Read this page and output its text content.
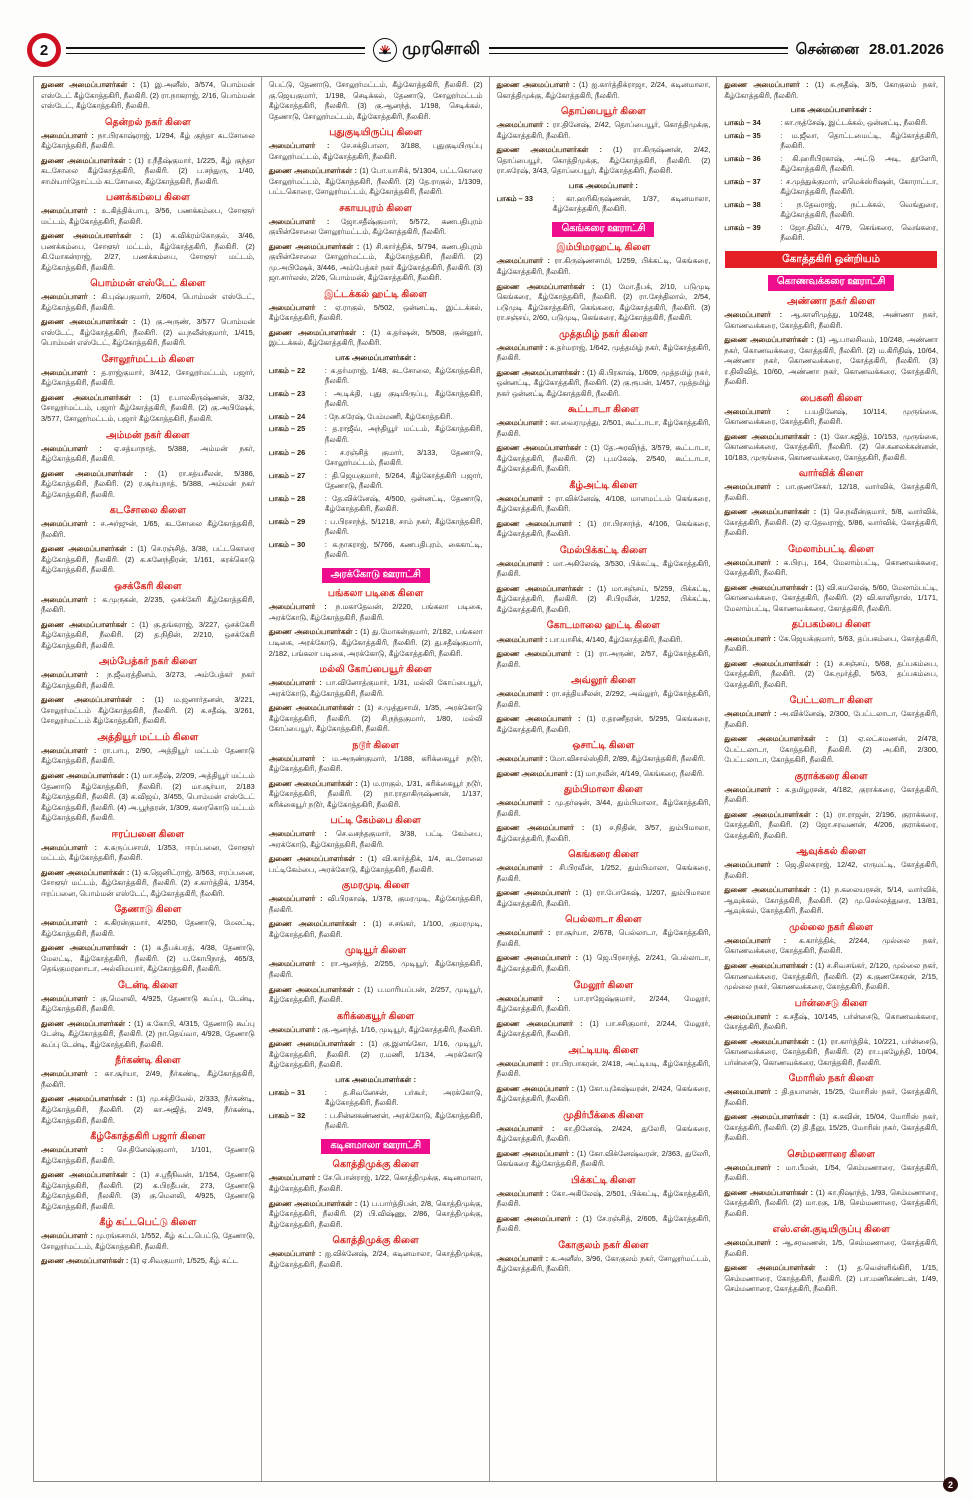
2	முரசொலி	சென்னை 28.01.2026

துணை அமைப்பாளர்கள் : (1) இ.அனீஸ், 3/574, பொம்மன் எஸ்டேட் கீழ்கோத்தகிரி, நீலகிரி. (2) ரா.நாகராஜ், 2/16, பொம்மன் எஸ்டேட், கீழ்கோத்தகிரி, நீலகிரி.

தென்றல் நகர் கிளை

அமைப்பாளர் : நா.பிரகாஷ்ராஜ், 1/294, கீழ் குந்தா கடசோலை கீழ்கோத்தகிரி, நீலகிரி.

துணை அமைப்பாளர்கள் : (1) ர.நீதீஷ்குமார், 1/225, கீழ் குந்தா கடசோலை கீழ்கோத்தகிரி, நீலகிரி. (2) ப.சந்துரு, 1/40, சாமியார்தோட்டம் கடசோலை, கீழ்கோத்தகிரி, நீலகிரி.

பணக்கம்பை கிளை

அமைப்பாளர் : உ.கித்திக்பாபு, 3/56, பணக்கம்பை, சோளூர் மட்டம், கீழ்கோத்தகிரி, நீலகிரி.

துணை அமைப்பாளர்கள் : (1) க.விக்ரம்கோகுல், 3/46, பணக்கம்பை, சோளூர் மட்டம், கீழ்கோத்தகிரி, நீலகிரி. (2) கி.மோகன்ராஜ், 2/27, பணக்கம்பை, சோளூர் மட்டம், கீழ்கோத்தகிரி, நீலகிரி.

பொம்மன் எஸ்டேட் கிளை

அமைப்பாளர் : கி.புஷ்பகுமார், 2/604, பொம்மன் எஸ்டேட், கீழ்கோத்தகிரி, நீலகிரி.

துணை அமைப்பாளர்கள் : (1) கு.அருண், 3/577 பொம்மன் எஸ்டேட், கீழ்கோத்தகிரி, நீலகிரி. (2) வ.நவீன்குமார், 1/415, பொம்மன் எஸ்டேட், கீழ்கோத்தகிரி, நீலகிரி.

சோலூர்மட்டம் கிளை

அமைப்பாளர் : த.ராஜ்குமார், 3/412, சோலூர்மட்டம், பஜார், கீழ்கோத்தகிரி, நீலகிரி.

துணை அமைப்பாளர்கள் : (1) ர.பாலகிருஷ்ணன், 3/32, சோலூர்மட்டம், பஜார் கீழ்கோத்தகிரி, நீலகிரி. (2) கு.அபிஷேக், 3/577, சோலூர்மட்டம், பஜார் கீழ்கோத்தகிரி, நீலகிரி.

அம்மன் நகர் கிளை

அமைப்பாளர் : ஏ.சத்யாநாத், 5/388, அம்மன் நகர், கீழ்கோத்தகிரி, நீலகிரி.

துணை அமைப்பாளர்கள் : (1) ரா.சத்யசீலன், 5/386, கீழ்கோத்தகிரி, நீலகிரி. (2) ர.சூர்யநாத், 5/388, அம்மன் நகர் கீழ்கோத்தகிரி, நீலகிரி.

கடசோலை கிளை

அமைப்பாளர் : ச.அர்ஜுன், 1/65, கடசோலை கீழ்கோத்தகிரி, நீலகிரி.

துணை அமைப்பாளர்கள் : (1) செ.ரஞ்சித், 3/38, பட்டகொரை கீழ்கோத்தகிரி, நீலகிரி. (2) க.கனேந்திரன், 1/161, கரக்கொடு கீழ்கோத்தகிரி, நீலகிரி.

ஒசக்கேரி கிளை

அமைப்பாளர் : க.முருகன், 2/235, ஒசக்கேரி கீழ்கோத்தகிரி, நீலகிரி.

துணை அமைப்பாளர்கள் : (1) கு.தங்கராஜ், 3/227, ஒசக்கேரி கீழ்கோத்தகிரி, நீலகிரி. (2) த.நிதின், 2/210, ஒசக்கேரி கீழ்கோத்தகிரி, நீலகிரி.

அம்பேத்கர் நகர் கிளை

அமைப்பாளர் : ந.ஜீவரத்தினம், 3/273, அம்பேத்கர் நகர் கீழ்கோத்தகிரி, நீலகிரி.

துணை அமைப்பாளர்கள் : (1) ம.ஜனார்தனன், 3/221, சோலூர்மட்டம் கீழ்கோத்தகிரி, நீலகிரி. (2) க.சதீஷ், 3/261, சோலூர்மட்டம் கீழ்கோத்தகிரி, நீலகிரி.

அத்தியூர் மட்டம் கிளை

அமைப்பாளர் : ரா.பாபு, 2/90, அத்தியூர் மட்டம் தேணாடு கீழ்கோத்தகிரி, நீலகிரி.

துணை அமைப்பாளர்கள் : (1) மா.சதீஷ், 2/209, அத்தியூர் மட்டம் தேணாடு கீழ்கோத்தகிரி, நீலகிரி. (2) மா.சூர்யா, 2/183 கீழ்கோத்தகிரி, நீலகிரி. (3) க.விஜய், 3/455, பொம்மன் எஸ்டேட் கீழ்கோத்தகிரி, நீலகிரி. (4) அ.பூந்தரன், 1/309, கரைகொடு மட்டம் கீழ்கோத்தகிரி, நீலகிரி.

ஈரப்பனை கிளை

அமைப்பாளர் : க.கருப்பசாமி, 1/353, ஈரப்பனை, சோளூர் மட்டம், கீழ்கோத்தகிரி, நீலகிரி.

துணை அமைப்பாளர்கள் : (1) க.ஜெனிட்ராஜ், 3/563, ஈரப்பனை, சோளூர் மட்டம், கீழ்கோத்தகிரி, நீலகிரி. (2) ச.கார்த்திக், 1/354, ஈரப்பனை, பொம்மன் எஸ்டேட், கீழ்கோத்தகிரி, நீலகிரி.

தேணாடு கிளை

அமைப்பாளர் : க.கிரன்குமார், 4/250, தேணாடு, மேலட்டி, கீழ்கோத்தகிரி, நீலகிரி.

துணை அமைப்பாளர்கள் : (1) க.தீபக்பரத், 4/38, தேணாடு, மேலட்டி, கீழ்கோத்தகிரி, நீலகிரி. (2) ப.கோபிநாத், 465/3, தெங்குமரஹாடா, அல்லிமயார், கீழ்கோத்தகிரி, நீலகிரி.

டேன்டி கிளை

அமைப்பாளர் : கு.மௌலி, 4/925, தேணாடு கூப்பு, டேன்டி, கீழ்கோத்தகிரி, நீலகிரி.

துணை அமைப்பாளர்கள் : (1) க.கோபி, 4/315, தேணாடு கூப்பு டேன்டி கீழ்கோத்தகிரி, நீலகிரி. (2) நா.தெய்வா, 4/928, தேணாடு கூப்பு டேன்டி, கீழ்கோத்தகிரி, நீலகிரி.

நீர்கண்டி கிளை

அமைப்பாளர் : கா.சூர்யா, 2/49, நீர்கண்டி, கீழ்கோத்தகிரி, நீலகிரி.

துணை அமைப்பாளர்கள் : (1) மு.சக்திவேல், 2/333, நீர்கண்டி, கீழ்கோத்தகிரி, நீலகிரி. (2) கா.அஜித், 2/49, நீர்கண்டி, கீழ்கோத்தகிரி, நீலகிரி.

கீழ்கோத்தகிரி பஜார் கிளை

அமைப்பாளர் : செ.தினேஷ்குமார், 1/101, தேணாடு கீழ்கோத்தகிரி, நீலகிரி.

துணை அமைப்பாளர்கள் : (1) ச.ஸ்ரீநிவன், 1/154, தேணாடு கீழ்கோத்தகிரி, நீலகிரி. (2) க.பிரதீபன், 273, தேணாடு கீழ்கோத்தகிரி, நீலகிரி. (3) கு.மௌலி, 4/925, தேணாடு கீழ்கோத்தகிரி, நீலகிரி.

கீழ் கட்டபெட்டு கிளை

அமைப்பாளர் : மு.ரங்கசாமி, 1/552, கீழ் கட்டபெட்டு, தேணாடு, சோலூர்மட்டம், கீழ்கோத்தகிரி, நீலகிரி.

துணை அமைப்பாளர்கள் : (1) ஏ.சிவகுமார், 1/525, கீழ் கட்ட

பெட்டு, தேணாடு, சோலூர்மட்டம், கீழ்கோத்தகிரி, நீலகிரி. (2) கு.ஜெயகுமார், 1/198, செடிக்கல், தேணாடு, சோலூர்மட்டம் கீழ்கோத்தகிரி, நீலகிரி. (3) கு.ஆனந்த், 1/198, செடிக்கல், தேணாடு, சோலூர்மட்டம், கீழ்கோத்தகிரி, நீலகிரி.

புதுகுடியிருப்பு கிளை

அமைப்பாளர் : சே.சக்திபாலா, 3/188, புதுகுடியிருப்பு சோலூர்மட்டம், கீழ்கோத்தகிரி, நீலகிரி.

துணை அமைப்பாளர்கள் : (1) போ.யாசிக், 5/1304, பட்டகொரை சோலூர்மட்டம், கீழ்கோத்தகிரி, நீலகிரி. (2) தே.ராகுல், 1/1309, பட்டகொரை, சோலூர்மட்டம், கீழ்கோத்தகிரி, நீலகிரி.

சகாயபுரம் கிளை

அமைப்பாளர் : ஜோ.சதீஷ்குமார், 5/572, கணபதிபுரம் குயின்சோலை சோலூர்மட்டம், கீழ்கோத்தகிரி, நீலகிரி.

துணை அமைப்பாளர்கள் : (1) சி.கார்த்திக், 5/794, கணபதிபுரம் குயின்சோலை சோலூர்மட்டம், கீழ்கோத்தகிரி, நீலகிரி. (2) மு.அபிஷேக், 3/446, அம்பேத்கர் நகர் கீழ்கோத்தகிரி, நீலகிரி. (3) ஜா.சார்லஸ், 2/26, பொம்மன், கீழ்கோத்தகிரி, நீலகிரி.

இட்டக்கல் ஹட்டி கிளை

அமைப்பாளர் : ஏ.ராகுல், 5/502, ஒன்னட்டி, இட்டக்கல், கீழ்கோத்தகிரி, நீலகிரி.

துணை அமைப்பாளர்கள் : (1) க.தர்ஷன், 5/508, குன்னூர், இட்டக்கல், கீழ்கோத்தகிரி, நீலகிரி.

பாக அமைப்பாளர்கள் :
பாகம் – 22	: க.தர்மராஜ், 1/48, கடசோலை, கீழ்கோத்தகிரி, நீலகிரி.
பாகம் – 23	: அ.டிக்தி, புது குடியிருப்பு, கீழ்கோத்தகிரி, நீலகிரி.
பாகம் – 24	: நே.சுரேஷ், பேம்மணி, கீழ்கோத்தகிரி.
பாகம் – 25	: த.ராஜீவ், அந்தியூர் மட்டம், கீழ்கோத்தகிரி, நீலகிரி.
பாகம் – 26	: ச.ரஞ்சித் குமார், 3/133, தேணாடு, சோலூர்மட்டம், நீலகிரி.
பாகம் – 27	: தி.ஜெயகுமார், 5/264, கீழ்கோத்தகிரி பஜார், தேணாடு, நீலகிரி.
பாகம் – 28	: தே.விக்னேஷ், 4/500, ஒன்னட்டி, தேணாடு, கீழ்கோத்தகிரி, நீலகிரி.
பாகம் – 29	: ப.பிரசாந்த், 5/1218, சாம் நகர், கீழ்கோத்தகிரி, நீலகிரி.
பாகம் – 30	: க.நாகராஜ், 5/766, கணபதிபுரம், கைகாட்டி, நீலகிரி.
அரக்கோடு ஊராட்சி
பங்கலா படிகை கிளை

அமைப்பாளர் : ந.மகாதேவன், 2/220, பங்கலா படிகை, அரக்கோடு, கீழ்கோத்தகிரி, நீலகிரி.

துணை அமைப்பாளர்கள் : (1) து.மோகன்குமார், 2/182, பங்கலா படிகை, அரக்கோடு, கீழ்கோத்தகிரி, நீலகிரி. (2) து.சதீஷ்குமார், 2/182, பங்கலா படிகை, அரக்கோடு, கீழ்கோத்தகிரி, நீலகிரி.

மல்லி கோப்பையூர் கிளை

அமைப்பாளர் : பா.வினோத்குமார், 1/31, மல்லி கோப்பையூர், அரக்கோடு, கீழ்கோத்தகிரி, நீலகிரி.

துணை அமைப்பாளர்கள் : (1) ச.முத்துசாமி, 1/35, அரக்கோடு கீழ்கோத்தகிரி, நீலகிரி. (2) சி.நந்தகுமார், 1/80, மல்லி கோப்பையூர், கீழ்கோத்தகிரி, நீலகிரி.

நடூர் கிளை

அமைப்பாளர் : ம.அருண்குமார், 1/188, கரிக்கையூர் நடூர், கீழ்கோத்தகிரி, நீலகிரி.

துணை அமைப்பாளர்கள் : (1) ம.ராகுல், 1/31, கரிக்கையூர் நடூர், கீழ்கோத்தகிரி, நீலகிரி. (2) நா.ராதாகிருஷ்ணன், 1/137, கரிக்கையூர் நடூர், கீழ்கோத்தகிரி, நீலகிரி.

பட்டி கேம்பை கிளை

அமைப்பாளர் : செ.வசந்தகுமார், 3/38, பட்டி கேம்பை, அரக்கோடு, கீழ்கோத்தகிரி, நீலகிரி.

துணை அமைப்பாளர்கள் : (1) வி.கார்த்திக், 1/4, கடசோலை பட்டிகேம்பை, அரக்கோடு, கீழ்கோத்தகிரி, நீலகிரி.

குமரமுடி கிளை

அமைப்பாளர் : வி.பிரகாஷ், 1/378, குமரமுடி, கீழ்கோத்தகிரி, நீலகிரி.

துணை அமைப்பாளர்கள் : (1) ச.சங்கர், 1/100, குமரமுடி, கீழ்கோத்தகிரி, நீலகிரி.

முடியூர் கிளை

அமைப்பாளர் : ரா.ஆனந்த், 2/255, முடியூர், கீழ்கோத்தகிரி, நீலகிரி.

துணை அமைப்பாளர்கள் : (1) ப.மாரியப்பன், 2/257, முடியூர், கீழ்கோத்தகிரி, நீலகிரி.

கரிக்கையூர் கிளை

அமைப்பாளர் : கு.ஆனந்த், 1/16, முடியூர், கீழ்கோத்தகிரி, நீலகிரி.

துணை அமைப்பாளர்கள் : (1) கு.இளங்கோ, 1/16, முடியூர், கீழ்கோத்தகிரி, நீலகிரி. (2) ர.மணி, 1/134, அரக்கோடு கீழ்கோத்தகிரி, நீலகிரி.

பாக அமைப்பாளர்கள் :
பாகம் – 31	: த.சிவனேசன், பர்கூர், அரக்கோடு, கீழ்கோத்தகிரி, நீலகிரி.
பாகம் – 32	: ப.சின்னகண்ணன், அரக்கோடு, கீழ்கோத்தகிரி, நீலகிரி.
கடினமாலா ஊராட்சி
கொத்திமுக்கு கிளை

அமைப்பாளர் : சே.பொன்ராஜ், 1/22, கொத்திமுக்கு, கடினமாலா, கீழ்கோத்தகிரி, நீலகிரி.

துணை அமைப்பாளர்கள் : (1) ப.பார்த்திபன், 2/8, கொத்திமுக்கு, கீழ்கோத்தகிரி, நீலகிரி. (2) பி.விஷ்ணு, 2/86, கொத்திமுக்கு, கீழ்கோத்தகிரி, நீலகிரி.

கொத்திமுக்கு கிளை

அமைப்பாளர் : ஐ.விக்னேஷ், 2/24, கடினமாலா, கொத்திமுக்கு, கீழ்கோத்தகிரி, நீலகிரி.

துணை அமைப்பாளர் : (1) ஐ.கார்த்திக்ராஜா, 2/24, கடினமாலா, கொத்திமுக்கு, கீழ்கோத்தகிரி, நீலகிரி.

தொப்பையூர் கிளை

அமைப்பாளர் : ரா.தினேஷ், 2/42, தொப்பையூர், கொத்திமுக்கு, கீழ்கோத்தகிரி, நீலகிரி.

துணை அமைப்பாளர்கள் : (1) ரா.கிருஷ்ணன், 2/42, தொப்பையூர், கொத்திமுக்கு, கீழ்கோத்தகிரி, நீலகிரி. (2) ரா.சுரேஷ், 3/43, தொப்பையூர், கீழ்கோத்தகிரி, நீலகிரி.

பாக அமைப்பாளர் :
பாகம் – 33	: கா.ஹரிகிருஷ்ணன், 1/37, கடினமாலா, கீழ்கோத்தகிரி, நீலகிரி.
கெங்கரை ஊராட்சி
இம்பிமரஹட்டி கிளை

அமைப்பாளர் : ரா.கிருஷ்ணசாமி, 1/259, பிக்கட்டி, கெங்கரை, கீழ்கோத்தகிரி, நீலகிரி.

துணை அமைப்பாளர்கள் : (1) மோ.தீபக், 2/10, படுமுடி கெங்கரை, கீழ்கோத்தகிரி, நீலகிரி. (2) ரா.சேந்திலால், 2/54, படுமுடி கீழ்கோத்தகிரி, கெங்கரை, கீழ்கோத்தகிரி, நீலகிரி. (3) ரா.சஞ்சய், 2/60, படுமுடி, கெங்கரை, கீழ்கோத்தகிரி, நீலகிரி.

முத்தமிழ் நகர் கிளை

அமைப்பாளர் : க.தர்மராஜ், 1/642, முத்தமிழ் நகர், கீழ்கோத்தகிரி, நீலகிரி.

துணை அமைப்பாளர்கள் : (1) கி.பிரகாஷ், 1/609, முத்தமிழ் நகர், ஒன்னட்டி, கீழ்கோத்தகிரி, நீலகிரி. (2) கு.ரூபன், 1/457, முத்தமிழ் நகர் ஒன்னட்டி கீழ்கோத்தகிரி, நீலகிரி.

கூட்டாடா கிளை

அமைப்பாளர் : கா.வைரமுத்து, 2/501, கூட்டாடா, கீழ்கோத்தகிரி, நீலகிரி.

துணை அமைப்பாளர்கள் : (1) தே.அரவிந்த், 3/579, கூட்டாடா, கீழ்கோத்தகிரி, நீலகிரி. (2) பு.மகேஷ், 2/540, கூட்டாடா, கீழ்கோத்தகிரி, நீலகிரி.

கீழ்அட்டி கிளை

அமைப்பாளர் : ரா.விக்னேஷ், 4/108, மாளமட்டம் கெங்கரை, கீழ்கோத்தகிரி, நீலகிரி.

துணை அமைப்பாளர் : (1) ரா.பிரசாந்த், 4/106, கெங்கரை, கீழ்கோத்தகிரி, நீலகிரி.

மேல்பிக்கட்டி கிளை

அமைப்பாளர் : மா.அகிலேஷ், 3/530, பிக்கட்டி, கீழ்கோத்தகிரி, நீலகிரி.

துணை அமைப்பாளர்கள் : (1) மா.சஞ்சய், 5/259, பிக்கட்டி, கீழ்கோத்தகிரி, நீலகிரி. (2) சி.பிரவீன், 1/252, பிக்கட்டி, கீழ்கோத்தகிரி, நீலகிரி.

கோடமாலை ஹட்டி கிளை

அமைப்பாளர் : பா.யாசிக், 4/140, கீழ்கோத்தகிரி, நீலகிரி.

துணை அமைப்பாளர் : (1) ரா.அருண், 2/57, கீழ்கோத்தகிரி, நீலகிரி.

அவ்லூர் கிளை

அமைப்பாளர் : ரா.சத்தியசீலன், 2/292, அவ்லூர், கீழ்கோத்தகிரி, நீலகிரி.

துணை அமைப்பாளர் : (1) ர.தரணீதரன், 5/295, கெங்கரை, கீழ்கோத்தகிரி, நீலகிரி.

ஒசாட்டி கிளை

அமைப்பாளர் : மோ.விசால்ஸ்திரி, 2/89, கீழ்கோத்தகிரி, நீலகிரி.

துணை அமைப்பாளர் : (1) மா.நவீன், 4/149, கெங்கரை, நீலகிரி.

தும்பிமாலா கிளை

அமைப்பாளர் : மு.தர்ஷன், 3/44, தும்பிமாலா, கீழ்கோத்தகிரி, நீலகிரி.

துணை அமைப்பாளர் : (1) ச.நிதின், 3/57, தும்பிமாலா, கீழ்கோத்தகிரி, நீலகிரி.

கெங்கரை கிளை

அமைப்பாளர் : சி.பிரவீன், 1/252, தும்பிமாலா, கெங்கரை, நீலகிரி.

துணை அமைப்பாளர் : (1) ரா.போகேஷ், 1/207, தும்பிமாலா கீழ்கோத்தகிரி, நீலகிரி.

பெல்லாடா கிளை

அமைப்பாளர் : ரா.சூர்யா, 2/678, பெல்லாடா, கீழ்கோத்தகிரி, நீலகிரி.

துணை அமைப்பாளர் : (1) ஜெ.பிரசாந்த், 2/241, பெல்லாடா, கீழ்கோத்தகிரி, நீலகிரி.

மேலூர் கிளை

அமைப்பாளர் : பா.ராஜேஷ்குமார், 2/244, மேலூர், கீழ்கோத்தகிரி, நீலகிரி.

துணை அமைப்பாளர் : (1) பா.சசிகுமார், 2/244, மேலூர், கீழ்கோத்தகிரி, நீலகிரி.

அட்டியடி கிளை

அமைப்பாளர் : ரா.பிரபாகரன், 2/418, அட்டியடி, கீழ்கோத்தகிரி, நீலகிரி.

துணை அமைப்பாளர் : (1) கோ.யுகேஷ்வரன், 2/424, கெங்கரை, கீழ்கோத்தகிரி, நீலகிரி.

முதிர்பீக்கை கிளை

அமைப்பாளர் : கா.தினேஷ், 2/424, துலேரி, கெங்கரை, கீழ்கோத்தகிரி, நீலகிரி.

துணை அமைப்பாளர் : (1) கோ.விக்னேஷ்வரன், 2/363, துலேரி, கெங்கரை கீழ்கோத்தகிரி, நீலகிரி.

பிக்கட்டி கிளை

அமைப்பாளர் : கோ.அகிலேஷ், 2/501, பிக்கட்டி, கீழ்கோத்தகிரி, நீலகிரி.

துணை அமைப்பாளர் : (1) சே.ரஞ்சித், 2/605, கீழ்கோத்தகிரி, நீலகிரி.

கோகுலம் நகர் கிளை

அமைப்பாளர் : க.அனீஸ், 3/96, கோகுலம் நகர், சோலூர்மட்டம், கீழ்கோத்தகிரி, நீலகிரி.

துணை அமைப்பாளர் : (1) க.ரூதீஷ், 3/5, கோகுலம் நகர், கீழ்கோத்தகிரி, நீலகிரி.

பாக அமைப்பாளர்கள் :
பாகம் – 34	: கா.ருத்சேஷ், இட்டக்கல், ஒன்னட்டி, நீலகிரி.
பாகம் – 35	: ம.ஜீவா, தொட்டமைட்டி, கீழ்கோத்தகிரி, நீலகிரி.
பாகம் – 36	: கி.ஹரிபிரகாஷ், அட்டு அடி, தூளேரி, கீழ்கோத்தகிரி, நீலகிரி.
பாகம் – 37	: ச.முத்துக்குமார், எமெக்ஸ்ரிஷன், கோராட்டா, கீழ்கோத்தகிரி, நீலகிரி.
பாகம் – 38	: ந.தேவராஜ், நட்டக்கல், வெங்துரை, கீழ்கோத்தகிரி, நீலகிரி.
பாகம் – 39	: ஜோ.திலிப், 4/79, கெங்கரை, வெங்கரை, நீலகிரி.
கோத்தகிரி ஒன்றியம்
கொணவக்கரை ஊராட்சி
அண்ணா நகர் கிளை

அமைப்பாளர் : ஆ.காளிமுத்து, 10/248, அண்ணா நகர், கொணவக்கரை, கோத்தகிரி, நீலகிரி.

துணை அமைப்பாளர்கள் : (1) ஆ.பாலசிவம், 10/248, அண்ணா நகர், கொணவக்கரை, கோத்தகிரி, நீலகிரி. (2) ம.கிரிதிஷ், 10/64, அண்ணா நகர், கொணவக்கரை, கோத்தகிரி, நீலகிரி. (3) ர.திலிவித், 10/60, அண்ணா நகர், கொணவக்கரை, கோத்தகிரி, நீலகிரி.

பைகனி கிளை

அமைப்பாளர் : ப.யதினேஷ், 10/114, முருங்கை, கொணவக்கரை, கோத்தகிரி, நீலகிரி.

துணை அமைப்பாளர்கள் : (1) கோ.கஜித், 10/153, முருங்கை, கொணவக்கரை, கோத்தகிரி, நீலகிரி. (2) செ.கனலக்கன்னன், 10/183, முருங்கை, கொணவக்கரை, கோத்தகிரி, நீலகிரி.

வார்விக் கிளை

அமைப்பாளர் : பா.குணசேகர், 12/18, வார்விக், கோத்தகிரி, நீலகிரி.

துணை அமைப்பாளர்கள் : (1) செ.நவீன்குமார், 5/8, வார்விக், கோத்தகிரி, நீலகிரி. (2) ஏ.தேவராஜ், 5/86, வார்விக், கோத்தகிரி, நீலகிரி.

மேலாம்பட்டி கிளை

அமைப்பாளர் : க.பிரபு, 164, மேலாம்பட்டி, கொணவக்கரை, கோத்தகிரி, நீலகிரி.

துணை அமைப்பாளர்கள் : (1) வி.கமலேஷ், 5/60, மேலாம்பட்டி, கொணவக்கரை, கோத்தகிரி, நீலகிரி. (2) வி.காளிதாஸ், 1/171, மேலாம்பட்டி, கொணவக்கரை, கோத்தகிரி, நீலகிரி.

தப்பகம்பை கிளை

அமைப்பாளர் : கே.ஜெயக்குமார், 5/63, தப்பகம்பை, கோத்தகிரி, நீலகிரி.

துணை அமைப்பாளர்கள் : (1) ச.சஞ்சய், 5/68, தப்பகம்பை, கோத்தகிரி, நீலகிரி. (2) கே.மூர்த்தி, 5/63, தப்பகம்பை, கோத்தகிரி, நீலகிரி.

பேட்டலாடா கிளை

அமைப்பாளர் : அ.விக்னேஷ், 2/300, பேட்டலாடா, கோத்தகிரி, நீலகிரி.

துணை அமைப்பாளர்கள் : (1) ஏ.லட்சுமணன், 2/478, பேட்டலாடா, கோத்தகிரி, நீலகிரி. (2) அ.கிரி, 2/300, பேட்டலாடா, கோத்தகிரி, நீலகிரி.

குராக்கரை கிளை

அமைப்பாளர் : க.தமிழரசன், 4/182, குராக்கரை, கோத்தகிரி, நீலகிரி.

துணை அமைப்பாளர்கள் : (1) ரா.ராஜன், 2/196, குராக்கரை, கோத்தகிரி, நீலகிரி. (2) ஜோ.சரவணன், 4/206, குராக்கரை, கோத்தகிரி, நீலகிரி.

ஆவுக்கல் கிளை

அமைப்பாளர் : ஜெ.திலகராஜ், 12/42, எருமட்டி, கோத்தகிரி, நீலகிரி.

துணை அமைப்பாளர்கள் : (1) ந.கலையரசன், 5/14, வார்விக், ஆவுக்கல், கோத்தகிரி, நீலகிரி. (2) மு.செல்லத்துரை, 13/81, ஆவுக்கல், கோத்தகிரி, நீலகிரி.

முல்லை நகர் கிளை

அமைப்பாளர் : க.கார்த்திக், 2/244, முல்லை நகர், கொணவக்கரை, கோத்தகிரி, நீலகிரி.

துணை அமைப்பாளர்கள் : (1) ச.சிவசங்கர், 2/120, முல்லை நகர், கொணவக்கரை, கோத்தகிரி, நீலகிரி. (2) க.குணசேகரன், 2/15, முல்லை நகர், கொணவக்கரை, கோத்தகிரி, நீலகிரி.

பர்ன்சைடு கிளை

அமைப்பாளர் : க.சதீஷ், 10/145, பர்ன்சைடு, கொணவக்கரை, கோத்தகிரி, நீலகிரி.

துணை அமைப்பாளர்கள் : (1) ரா.கார்த்திக், 10/221, பர்ன்சைடு, கொணவக்கரை, கோத்தகிரி, நீலகிரி. (2) ரா.புகழேந்தி, 10/04, பர்ன்சைடு, கொணவக்கரை, கோத்தகிரி, நீலகிரி.

மோரிஸ் நகர் கிளை

அமைப்பாளர் : தி.தயாளன், 15/25, மோரிஸ் நகர், கோத்தகிரி, நீலகிரி.

துணை அமைப்பாளர்கள் : (1) க.கவின், 15/04, மோரிஸ் நகர், கோத்தகிரி, நீலகிரி. (2) தி.தீனு, 15/25, மோரிஸ் நகர், கோத்தகிரி, நீலகிரி.

செம்மணாரை கிளை

அமைப்பாளர் : மா.பீமன், 1/54, செம்மணாரை, கோத்தகிரி, நீலகிரி.

துணை அமைப்பாளர்கள் : (1) கா.நிஷாந்த், 1/93, செம்மணாரை, கோத்தகிரி, நீலகிரி. (2) மா.ரகு, 1/8, செம்மணாரை, கோத்தகிரி, நீலகிரி.

எஸ்.என்.குடியிருப்பு கிளை

அமைப்பாளர் : ஆ.சரவணன், 1/5, செம்மணாரை, கோத்தகிரி, நீலகிரி.

துணை அமைப்பாளர்கள் : (1) த.வெள்ளிங்கிரி, 1/15, செம்மணாரை, கோத்தகிரி, நீலகிரி. (2) பா.மணிகண்டன், 1/49, செம்மணாரை, கோத்தகிரி, நீலகிரி.

2
